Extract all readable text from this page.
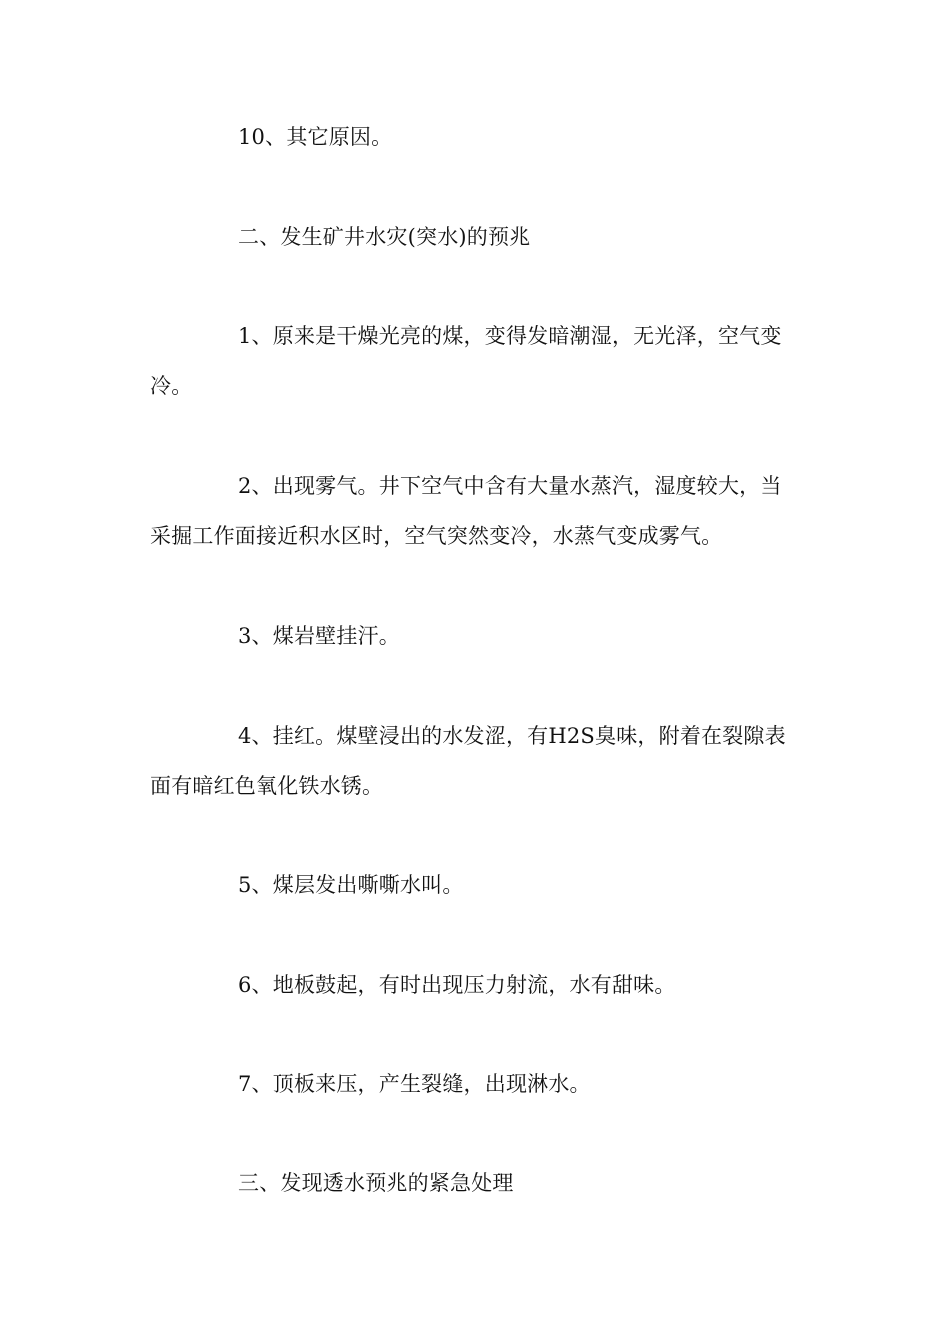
10、其它原因。

二、发生矿井水灾(突水)的预兆

1、原来是干燥光亮的煤，变得发暗潮湿，无光泽，空气变冷。

2、出现雾气。井下空气中含有大量水蒸汽，湿度较大，当采掘工作面接近积水区时，空气突然变冷，水蒸气变成雾气。

3、煤岩壁挂汗。

4、挂红。煤壁浸出的水发涩，有H2S臭味，附着在裂隙表面有暗红色氧化铁水锈。

5、煤层发出嘶嘶水叫。

6、地板鼓起，有时出现压力射流，水有甜味。

7、顶板来压，产生裂缝，出现淋水。

三、发现透水预兆的紧急处理
